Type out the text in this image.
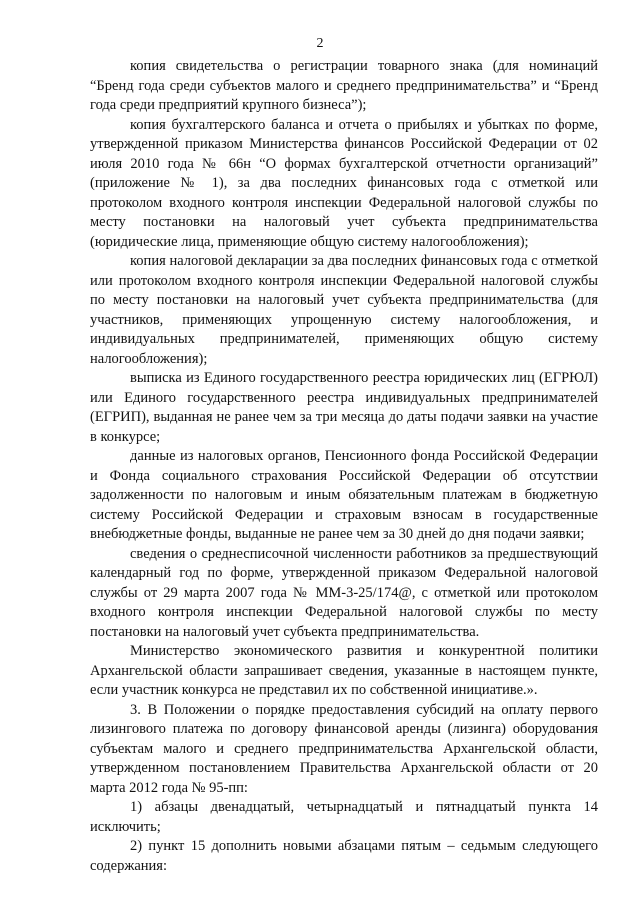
2

копия свидетельства о регистрации товарного знака (для номинаций “Бренд года среди субъектов малого и среднего предпринимательства” и “Бренд года среди предприятий крупного бизнеса”);

копия бухгалтерского баланса и отчета о прибылях и убытках по форме, утвержденной приказом Министерства финансов Российской Федерации от 02 июля 2010 года № 66н “О формах бухгалтерской отчетности организаций” (приложение № 1), за два последних финансовых года с отметкой или протоколом входного контроля инспекции Федеральной налоговой службы по месту постановки на налоговый учет субъекта предпринимательства (юридические лица, применяющие общую систему налогообложения);

копия налоговой декларации за два последних финансовых года с отметкой или протоколом входного контроля инспекции Федеральной налоговой службы по месту постановки на налоговый учет субъекта предпринимательства (для участников, применяющих упрощенную систему налогообложения, и индивидуальных предпринимателей, применяющих общую систему налогообложения);

выписка из Единого государственного реестра юридических лиц (ЕГРЮЛ) или Единого государственного реестра индивидуальных предпринимателей (ЕГРИП), выданная не ранее чем за три месяца до даты подачи заявки на участие в конкурсе;

данные из налоговых органов, Пенсионного фонда Российской Федерации и Фонда социального страхования Российской Федерации об отсутствии задолженности по налоговым и иным обязательным платежам в бюджетную систему Российской Федерации и страховым взносам в государственные внебюджетные фонды, выданные не ранее чем за 30 дней до дня подачи заявки;

сведения о среднесписочной численности работников за предшествующий календарный год по форме, утвержденной приказом Федеральной налоговой службы от 29 марта 2007 года № ММ-3-25/174@, с отметкой или протоколом входного контроля инспекции Федеральной налоговой службы по месту постановки на налоговый учет субъекта предпринимательства.

Министерство экономического развития и конкурентной политики Архангельской области запрашивает сведения, указанные в настоящем пункте, если участник конкурса не представил их по собственной инициативе.».

3. В Положении о порядке предоставления субсидий на оплату первого лизингового платежа по договору финансовой аренды (лизинга) оборудования субъектам малого и среднего предпринимательства Архангельской области, утвержденном постановлением Правительства Архангельской области от 20 марта 2012 года № 95-пп:

1) абзацы двенадцатый, четырнадцатый и пятнадцатый пункта 14 исключить;

2) пункт 15 дополнить новыми абзацами пятым – седьмым следующего содержания:
